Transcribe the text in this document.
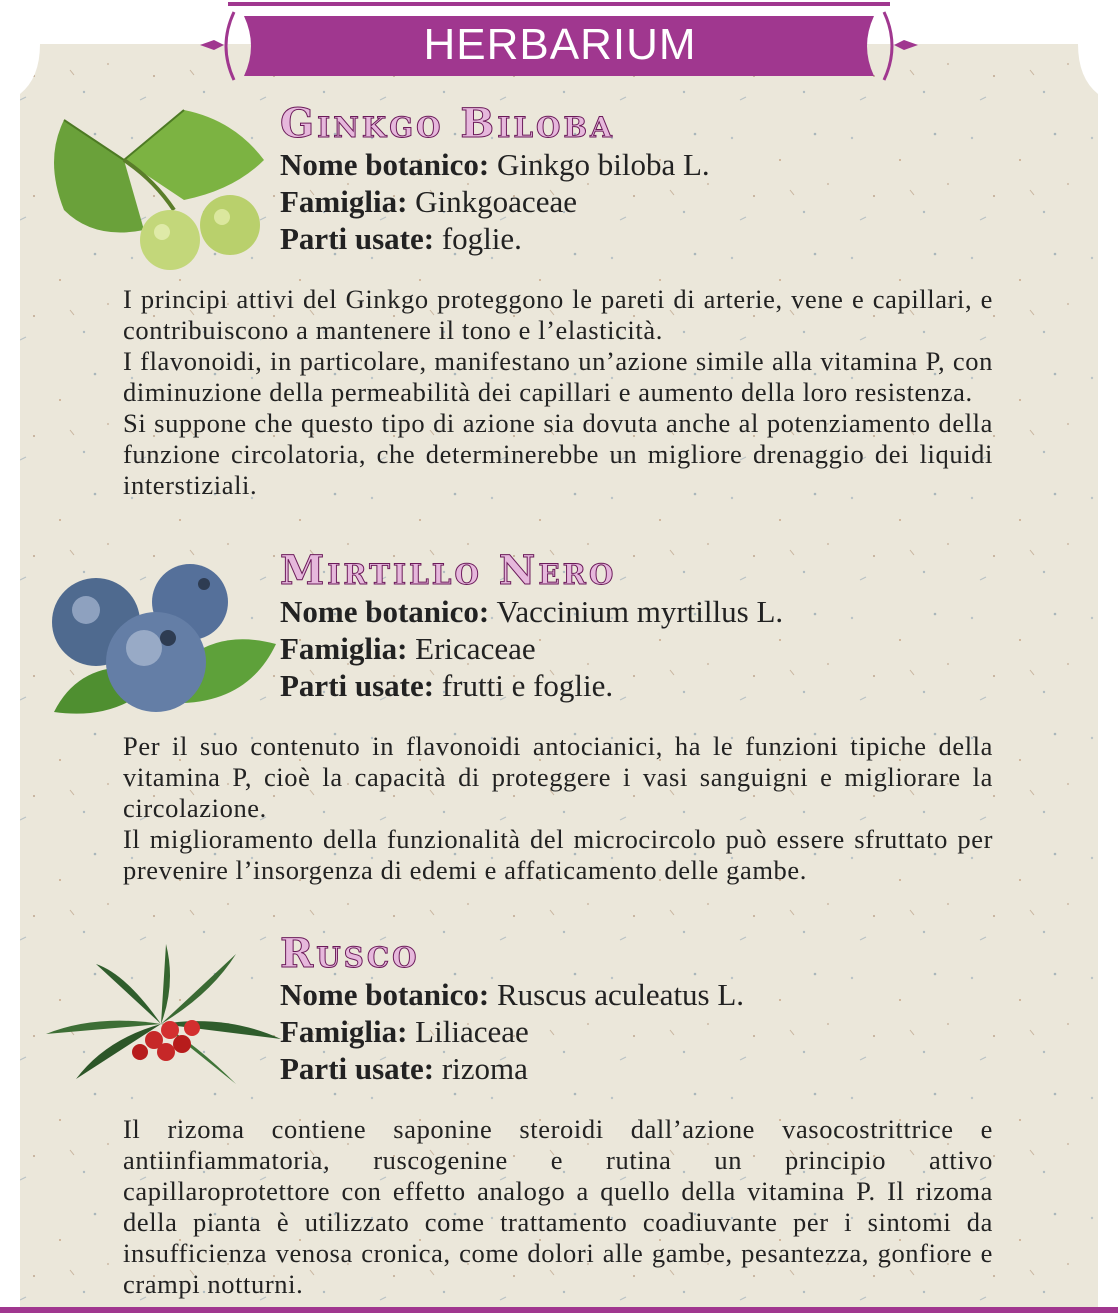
HERBARIUM
Ginkgo Biloba
Nome botanico: Ginkgo biloba L.
Famiglia: Ginkgoaceae
Parti usate: foglie.

I principi attivi del Ginkgo proteggono le pareti di arterie, vene e capillari, e contribuiscono a mantenere il tono e l’elasticità.

I flavonoidi, in particolare, manifestano un’azione simile alla vitamina P, con diminuzione della permeabilità dei capillari e aumento della loro resistenza.

Si suppone che questo tipo di azione sia dovuta anche al potenziamento della funzione circolatoria, che determinerebbe un migliore drenaggio dei liquidi interstiziali.

Mirtillo Nero
Nome botanico: Vaccinium myrtillus L.
Famiglia: Ericaceae
Parti usate: frutti e foglie.

Per il suo contenuto in flavonoidi antocianici, ha le funzioni tipiche della vitamina P, cioè la capacità di proteggere i vasi sanguigni e migliorare la circolazione.

Il miglioramento della funzionalità del microcircolo può essere sfruttato per prevenire l’insorgenza di edemi e affaticamento delle gambe.

Rusco
Nome botanico: Ruscus aculeatus L.
Famiglia: Liliaceae
Parti usate: rizoma

Il rizoma contiene saponine steroidi dall’azione vasocostrittrice e antiinfiammatoria, ruscogenine e rutina un principio attivo capillaroprotettore con effetto analogo a quello della vitamina P. Il rizoma della pianta è utilizzato come trattamento coadiuvante per i sintomi da insufficienza venosa cronica, come dolori alle gambe, pesantezza, gonfiore e crampi notturni.
